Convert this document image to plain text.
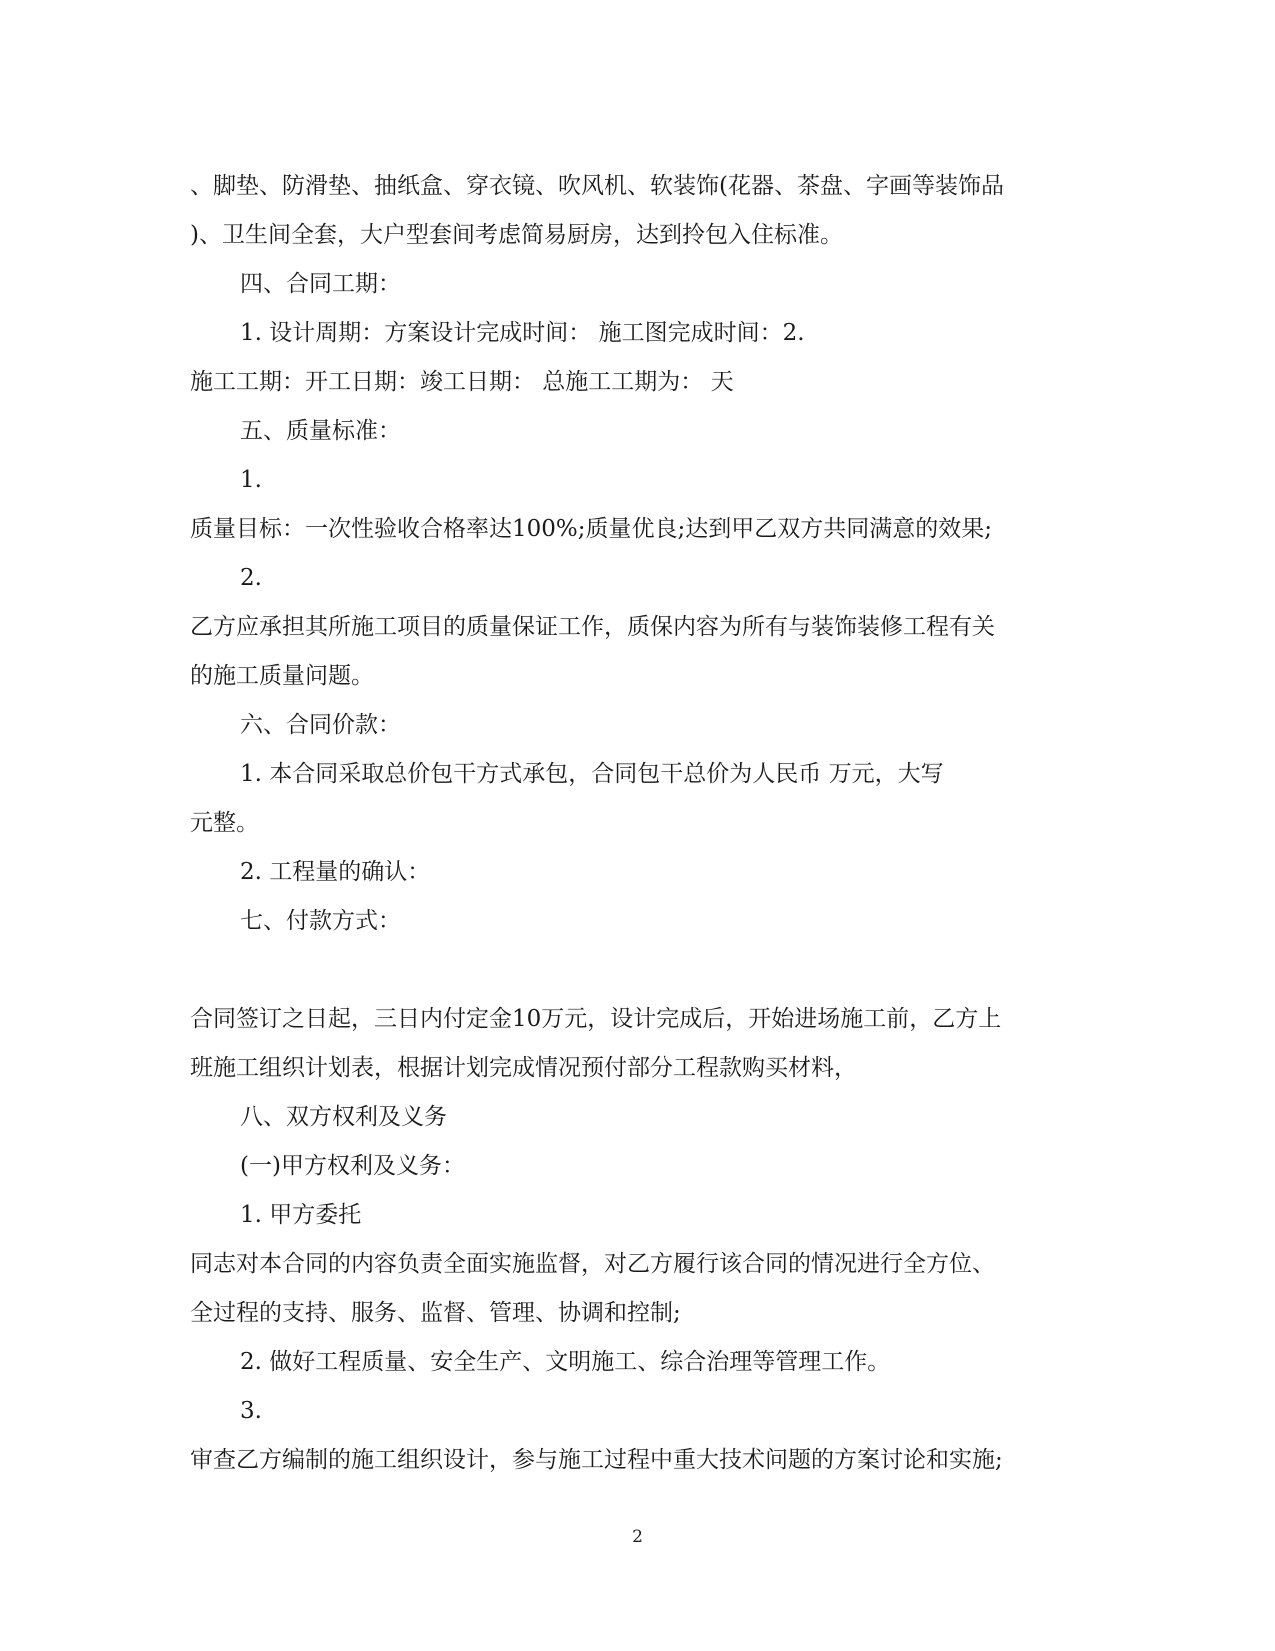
、脚垫、防滑垫、抽纸盒、穿衣镜、吹风机、软装饰(花器、茶盘、字画等装饰品

)、卫生间全套，大户型套间考虑简易厨房，达到拎包入住标准。

四、合同工期：

1. 设计周期：方案设计完成时间： 施工图完成时间：2.

施工工期：开工日期：竣工日期： 总施工工期为： 天

五、质量标准：

1.

质量目标：一次性验收合格率达100%;质量优良;达到甲乙双方共同满意的效果;

2.

乙方应承担其所施工项目的质量保证工作，质保内容为所有与装饰装修工程有关

的施工质量问题。

六、合同价款：

1. 本合同采取总价包干方式承包，合同包干总价为人民币 万元，大写

元整。

2. 工程量的确认：

七、付款方式：

合同签订之日起，三日内付定金10万元，设计完成后，开始进场施工前，乙方上

班施工组织计划表，根据计划完成情况预付部分工程款购买材料，

八、双方权利及义务

(一)甲方权利及义务：

1. 甲方委托

同志对本合同的内容负责全面实施监督，对乙方履行该合同的情况进行全方位、

全过程的支持、服务、监督、管理、协调和控制;

2. 做好工程质量、安全生产、文明施工、综合治理等管理工作。

3.

审查乙方编制的施工组织设计，参与施工过程中重大技术问题的方案讨论和实施;

2
